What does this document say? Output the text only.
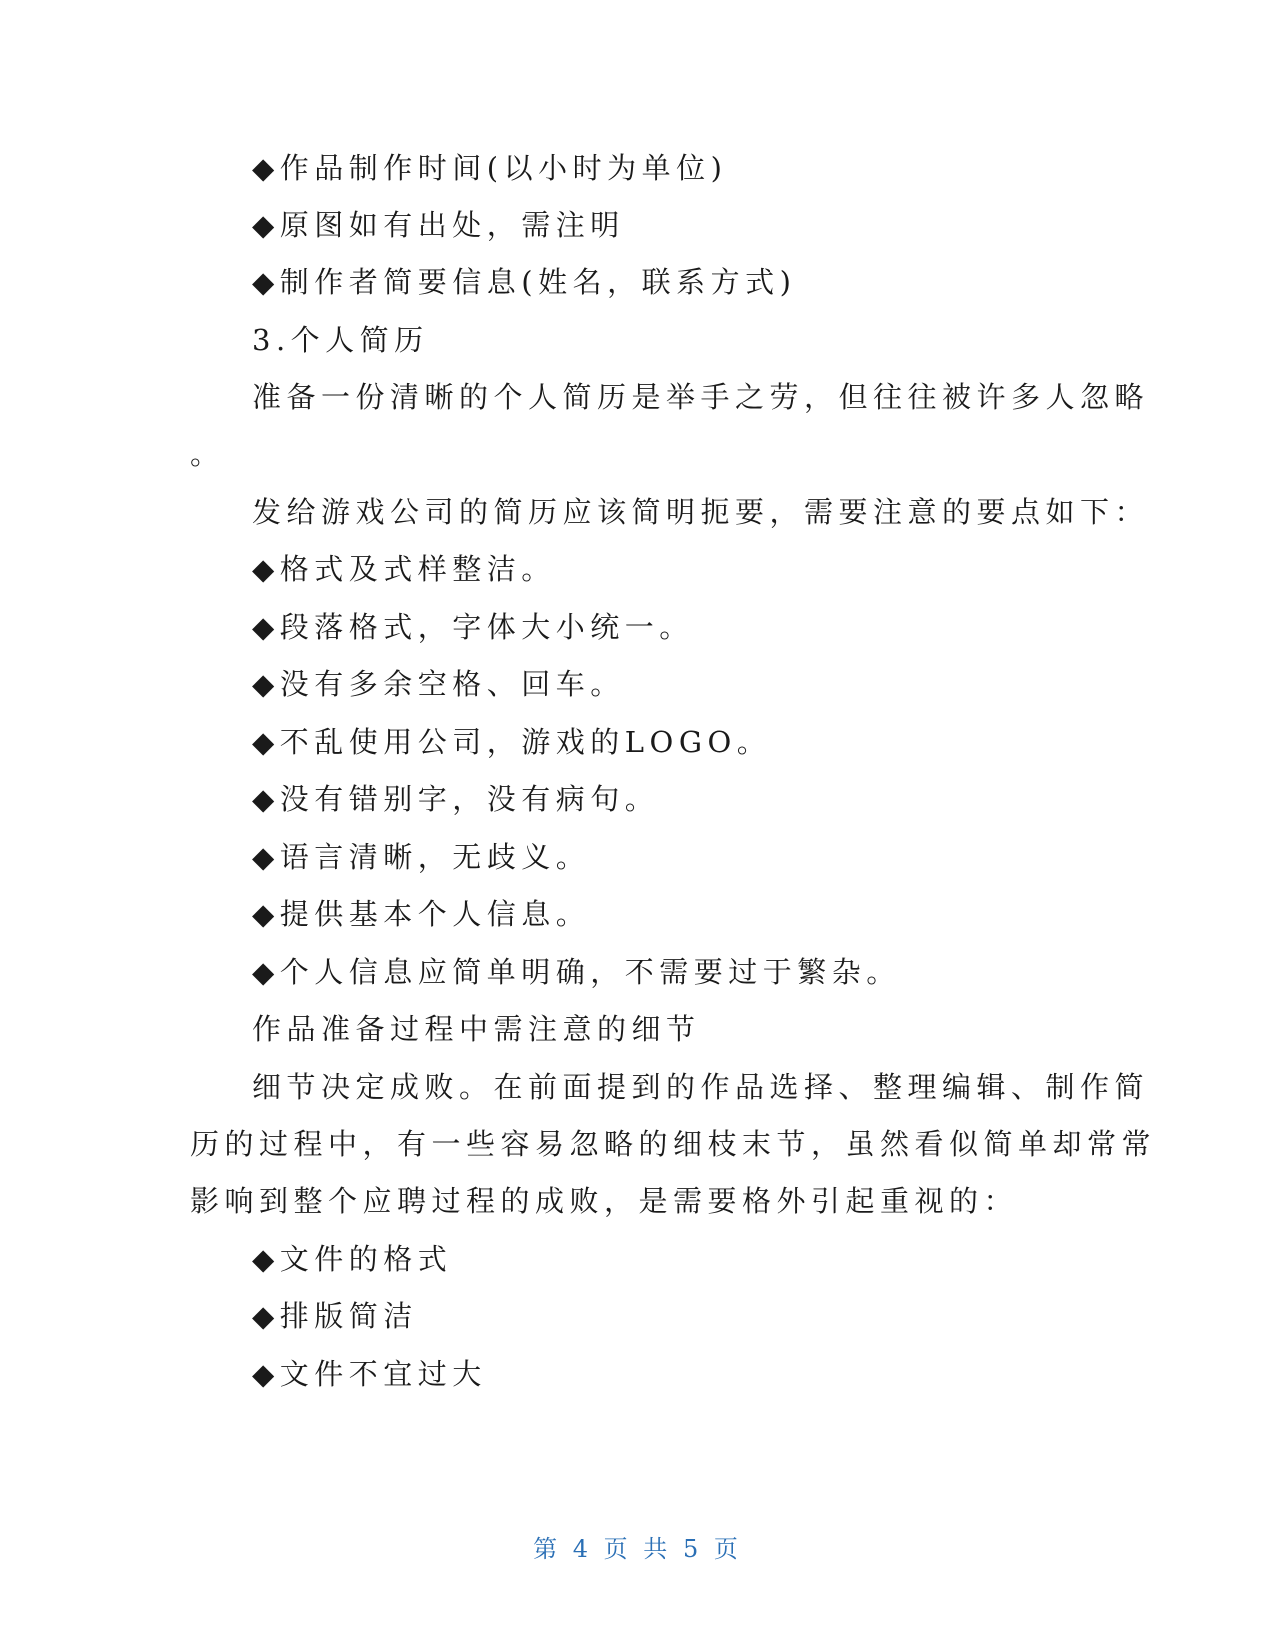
◆作品制作时间(以小时为单位)
◆原图如有出处，需注明
◆制作者简要信息(姓名，联系方式)
3.个人简历
准备一份清晰的个人简历是举手之劳，但往往被许多人忽略
。
发给游戏公司的简历应该简明扼要，需要注意的要点如下：
◆格式及式样整洁。
◆段落格式，字体大小统一。
◆没有多余空格、回车。
◆不乱使用公司，游戏的LOGO。
◆没有错别字，没有病句。
◆语言清晰，无歧义。
◆提供基本个人信息。
◆个人信息应简单明确，不需要过于繁杂。
作品准备过程中需注意的细节
细节决定成败。在前面提到的作品选择、整理编辑、制作简
历的过程中，有一些容易忽略的细枝末节，虽然看似简单却常常
影响到整个应聘过程的成败，是需要格外引起重视的：
◆文件的格式
◆排版简洁
◆文件不宜过大
第 4 页 共 5 页
